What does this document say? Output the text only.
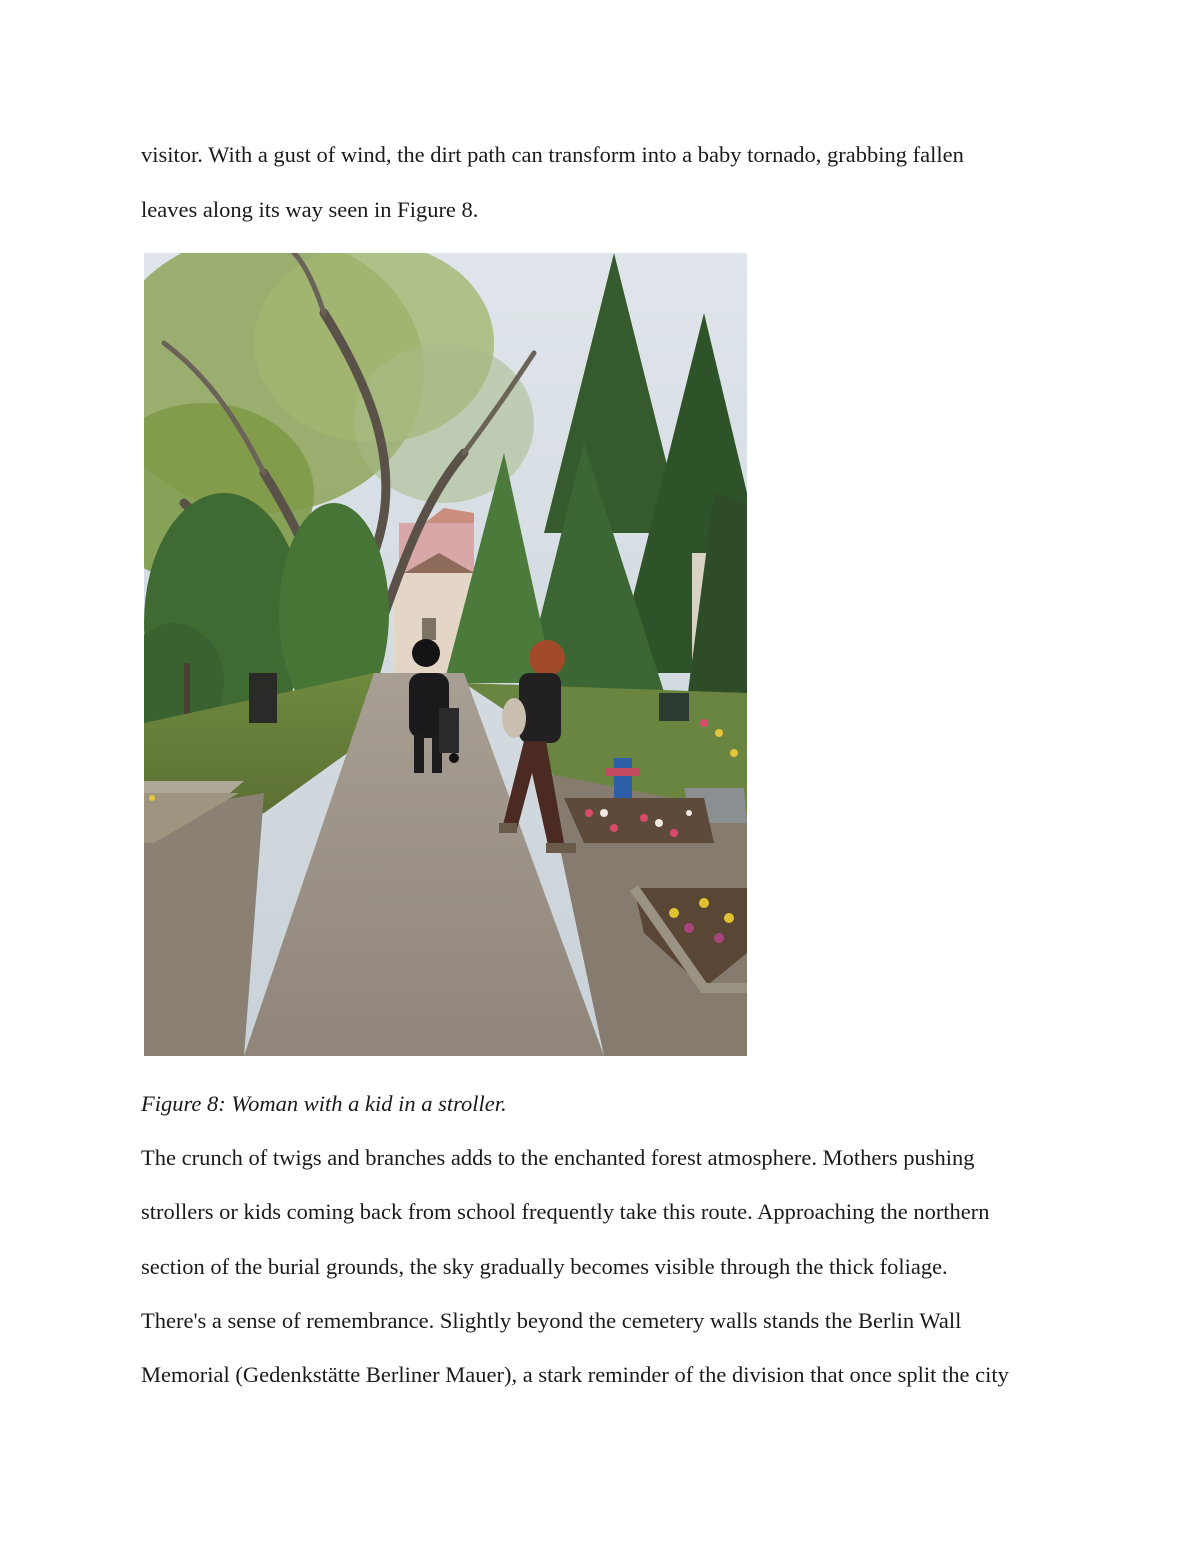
visitor. With a gust of wind, the dirt path can transform into a baby tornado, grabbing fallen
leaves along its way seen in Figure 8.
Figure 8: Woman with a kid in a stroller.
The crunch of twigs and branches adds to the enchanted forest atmosphere. Mothers pushing
strollers or kids coming back from school frequently take this route. Approaching the northern
section of the burial grounds, the sky gradually becomes visible through the thick foliage.
There's a sense of remembrance. Slightly beyond the cemetery walls stands the Berlin Wall
Memorial (Gedenkstätte Berliner Mauer), a stark reminder of the division that once split the city
